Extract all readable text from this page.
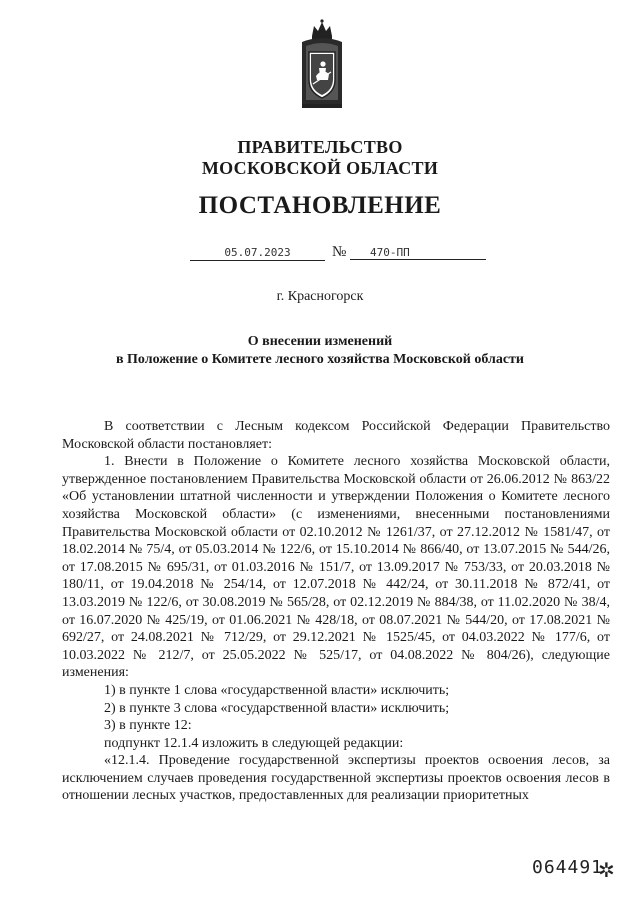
ПРАВИТЕЛЬСТВО
МОСКОВСКОЙ ОБЛАСТИ
ПОСТАНОВЛЕНИЕ
05.07.2023	№	470-ПП
г. Красногорск
О внесении изменений
в Положение о Комитете лесного хозяйства Московской области

В соответствии с Лесным кодексом Российской Федерации Правительство Московской области постановляет:

1. Внести в Положение о Комитете лесного хозяйства Московской области, утвержденное постановлением Правительства Московской области от 26.06.2012 № 863/22 «Об установлении штатной численности и утверждении Положения о Комитете лесного хозяйства Московской области» (с изменениями, внесенными постановлениями Правительства Московской области от 02.10.2012 № 1261/37, от 27.12.2012 № 1581/47, от 18.02.2014 № 75/4, от 05.03.2014 № 122/6, от 15.10.2014 № 866/40, от 13.07.2015 № 544/26, от 17.08.2015 № 695/31, от 01.03.2016 № 151/7, от 13.09.2017 № 753/33, от 20.03.2018 № 180/11, от 19.04.2018 № 254/14, от 12.07.2018 № 442/24, от 30.11.2018 № 872/41, от 13.03.2019 № 122/6, от 30.08.2019 № 565/28, от 02.12.2019 № 884/38, от 11.02.2020 № 38/4, от 16.07.2020 № 425/19, от 01.06.2021 № 428/18, от 08.07.2021 № 544/20, от 17.08.2021 № 692/27, от 24.08.2021 № 712/29, от 29.12.2021 № 1525/45, от 04.03.2022 № 177/6, от 10.03.2022 № 212/7, от 25.05.2022 № 525/17, от 04.08.2022 № 804/26), следующие изменения:

1) в пункте 1 слова «государственной власти» исключить;

2) в пункте 3 слова «государственной власти» исключить;

3) в пункте 12:

подпункт 12.1.4 изложить в следующей редакции:

«12.1.4. Проведение государственной экспертизы проектов освоения лесов, за исключением случаев проведения государственной экспертизы проектов освоения лесов в отношении лесных участков, предоставленных для реализации приоритетных

064491
✲
